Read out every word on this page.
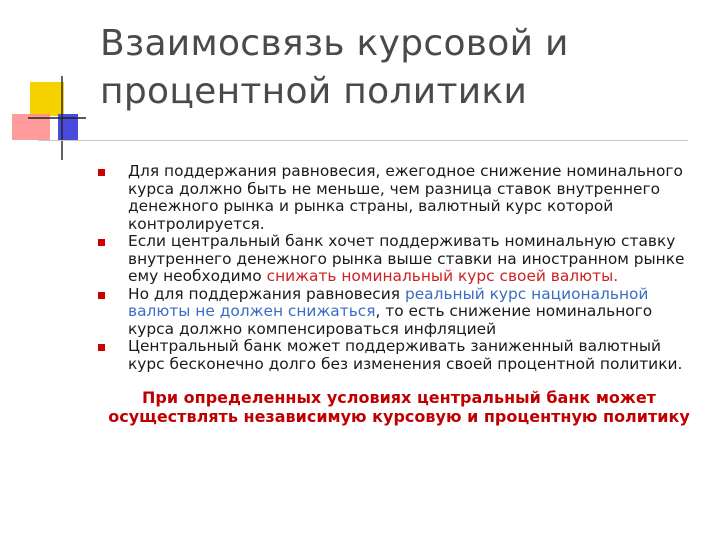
Взаимосвязь курсовой и
процентной политики
Для поддержания равновесия, ежегодное снижение номинального курса должно быть не меньше, чем разница ставок внутреннего денежного рынка и рынка страны, валютный курс которой контролируется.
Если центральный банк хочет поддерживать номинальную ставку внутреннего денежного рынка выше ставки на иностранном рынке ему необходимо снижать номинальный курс своей валюты.
Но для поддержания равновесия реальный курс национальной валюты не должен снижаться, то есть снижение номинального курса должно компенсироваться инфляцией
Центральный банк может поддерживать заниженный валютный курс бесконечно долго без изменения своей процентной политики.
При определенных условиях центральный банк может осуществлять независимую курсовую и процентную политику
